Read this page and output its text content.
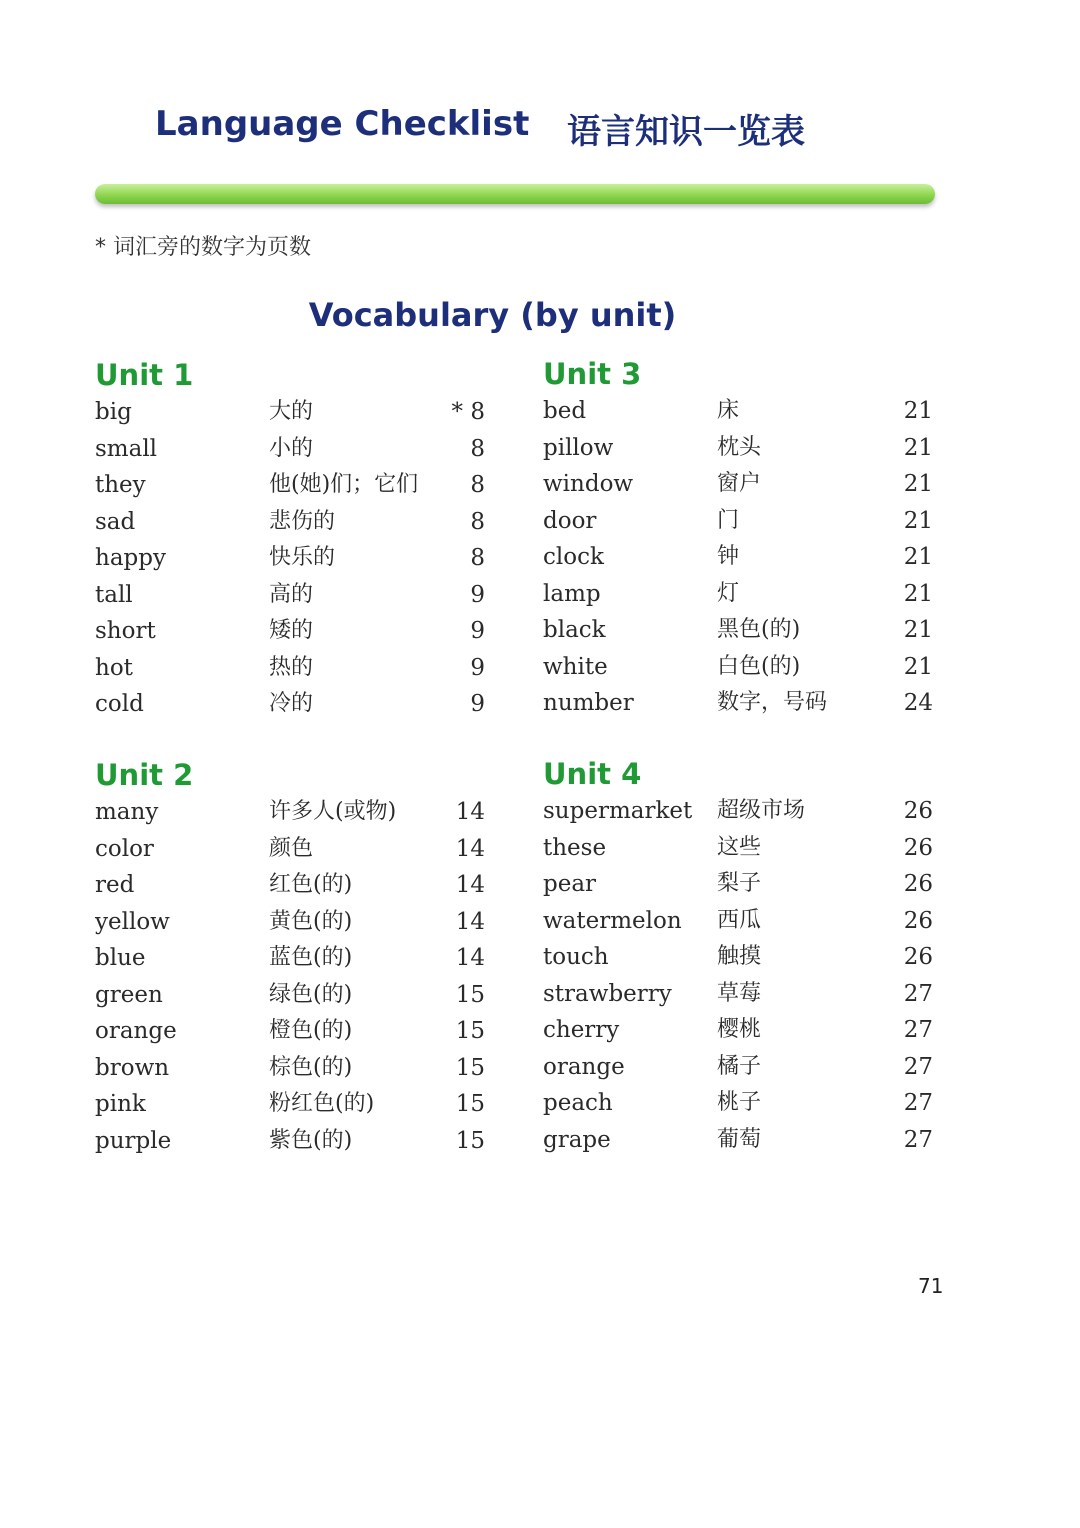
Language Checklist 语言知识一览表
* 词汇旁的数字为页数
Vocabulary (by unit)
Unit 1
big	大的	* 8
small	小的	8
they	他(她)们；它们 8
sad	悲伤的	8
happy	快乐的	8
tall	高的	9
short	矮的	9
hot	热的	9
cold	冷的	9
Unit 2
many	许多人(或物)	14
color	颜色	14
red	红色(的)	14
yellow	黄色(的)	14
blue	蓝色(的)	14
green	绿色(的)	15
orange	橙色(的)	15
brown	棕色(的)	15
pink	粉红色(的)	15
purple	紫色(的)	15
Unit 3
bed	床	21
pillow	枕头	21
window	窗户	21
door	门	21
clock	钟	21
lamp	灯	21
black	黑色(的)	21
white	白色(的)	21
number	数字，号码	24
Unit 4
supermarket 超级市场	26
these	这些	26
pear	梨子	26
watermelon 西瓜	26
touch	触摸	26
strawberry 草莓	27
cherry	樱桃	27
orange	橘子	27
peach	桃子	27
grape	葡萄	27
71
